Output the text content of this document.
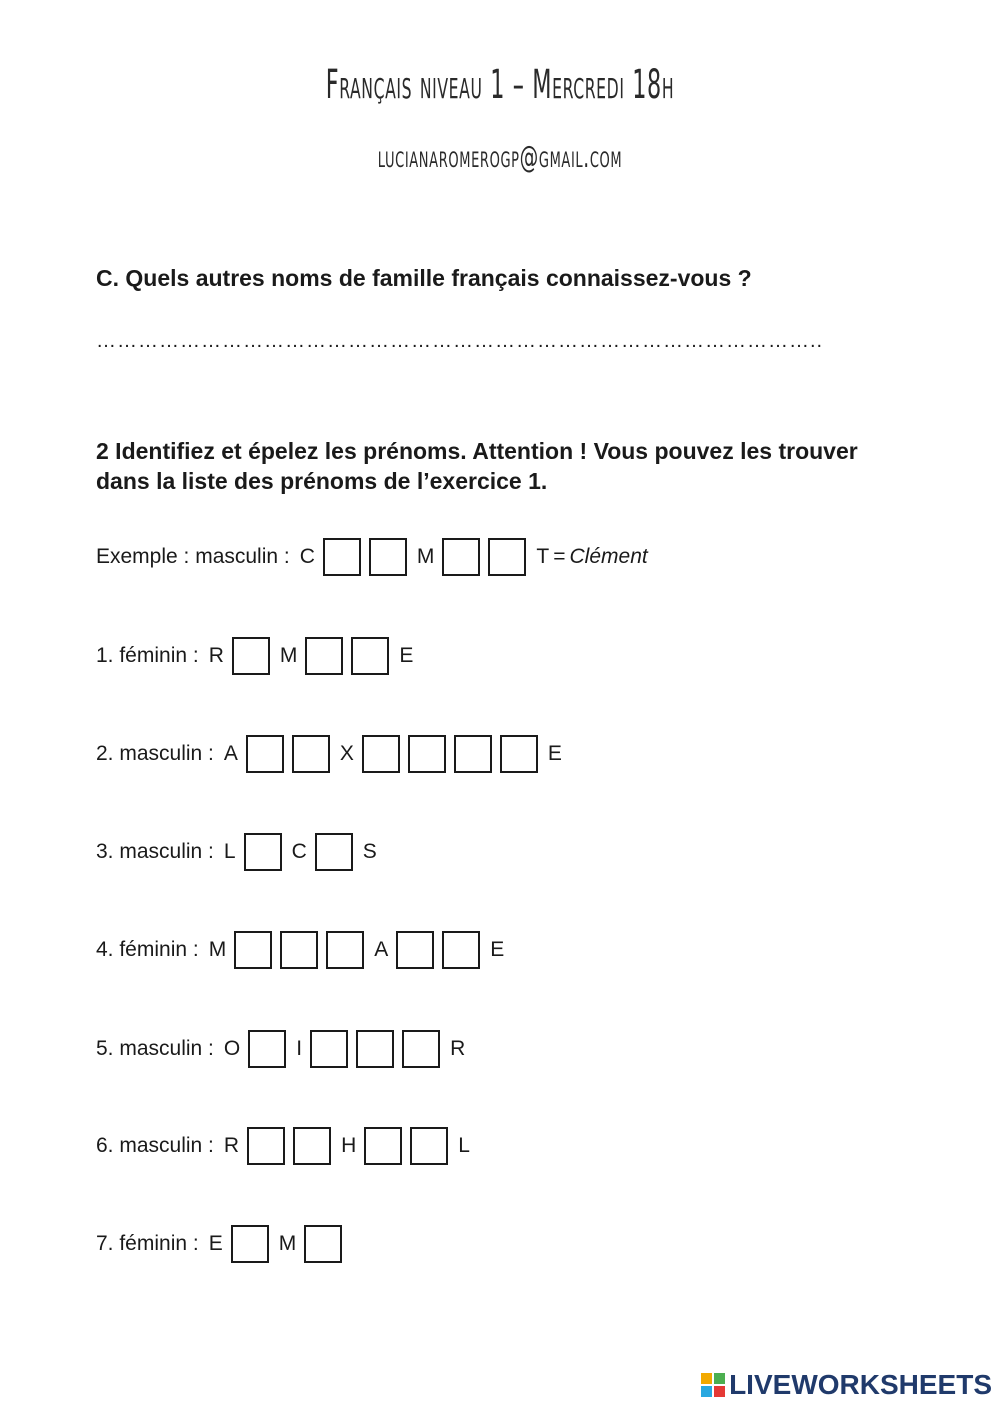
Français niveau 1 – Mercredi 18h
lucianaromerogp@gmail.com
C. Quels autres noms de famille français connaissez-vous ?
…………………………………………………………………………………………..
2 Identifiez et épelez les prénoms. Attention ! Vous pouvez les trouver dans la liste des prénoms de l’exercice 1.
Exemple : masculin : C	M	T = Clément
1. féminin : R	M	E
2. masculin : A	X	E
3. masculin : L	C	S
4. féminin : M	A	E
5. masculin : O	I	R
6. masculin : R	H	L
7. féminin : E	M
LIVEWORKSHEETS
